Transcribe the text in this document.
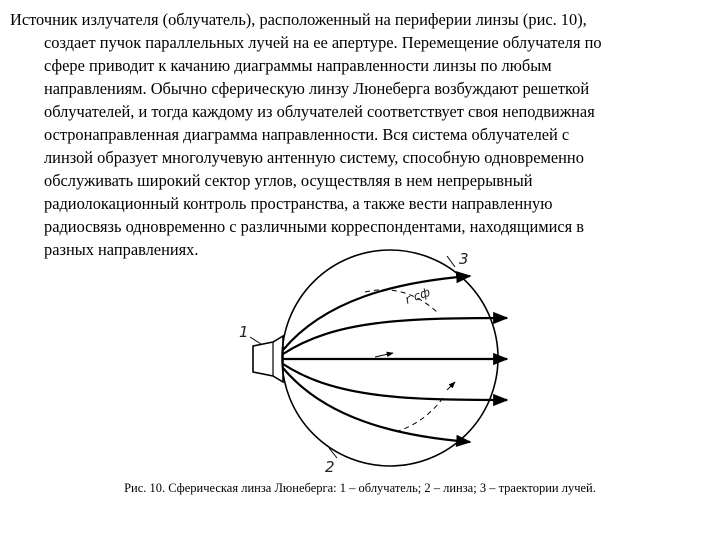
Источник излучателя (облучатель), расположенный на периферии линзы (рис. 10),
создает пучок параллельных лучей на ее апертуре. Перемещение облучателя по
сфере приводит к качанию диаграммы направленности линзы по любым
направлениям. Обычно сферическую линзу Люнеберга возбуждают решеткой
облучателей, и тогда каждому из облучателей соответствует своя неподвижная
остронаправленная диаграмма направленности. Вся система облучателей с
линзой образует многолучевую антенную систему, способную одновременно
обслуживать широкий сектор углов, осуществляя в нем непрерывный
радиолокационный контроль пространства, а также вести направленную
радиосвязь одновременно с различными корреспондентами, находящимися в
разных направлениях.
1
2
3
r сф
Рис. 10. Сферическая линза Люнеберга: 1 – облучатель; 2 – линза; 3 – траектории лучей.
